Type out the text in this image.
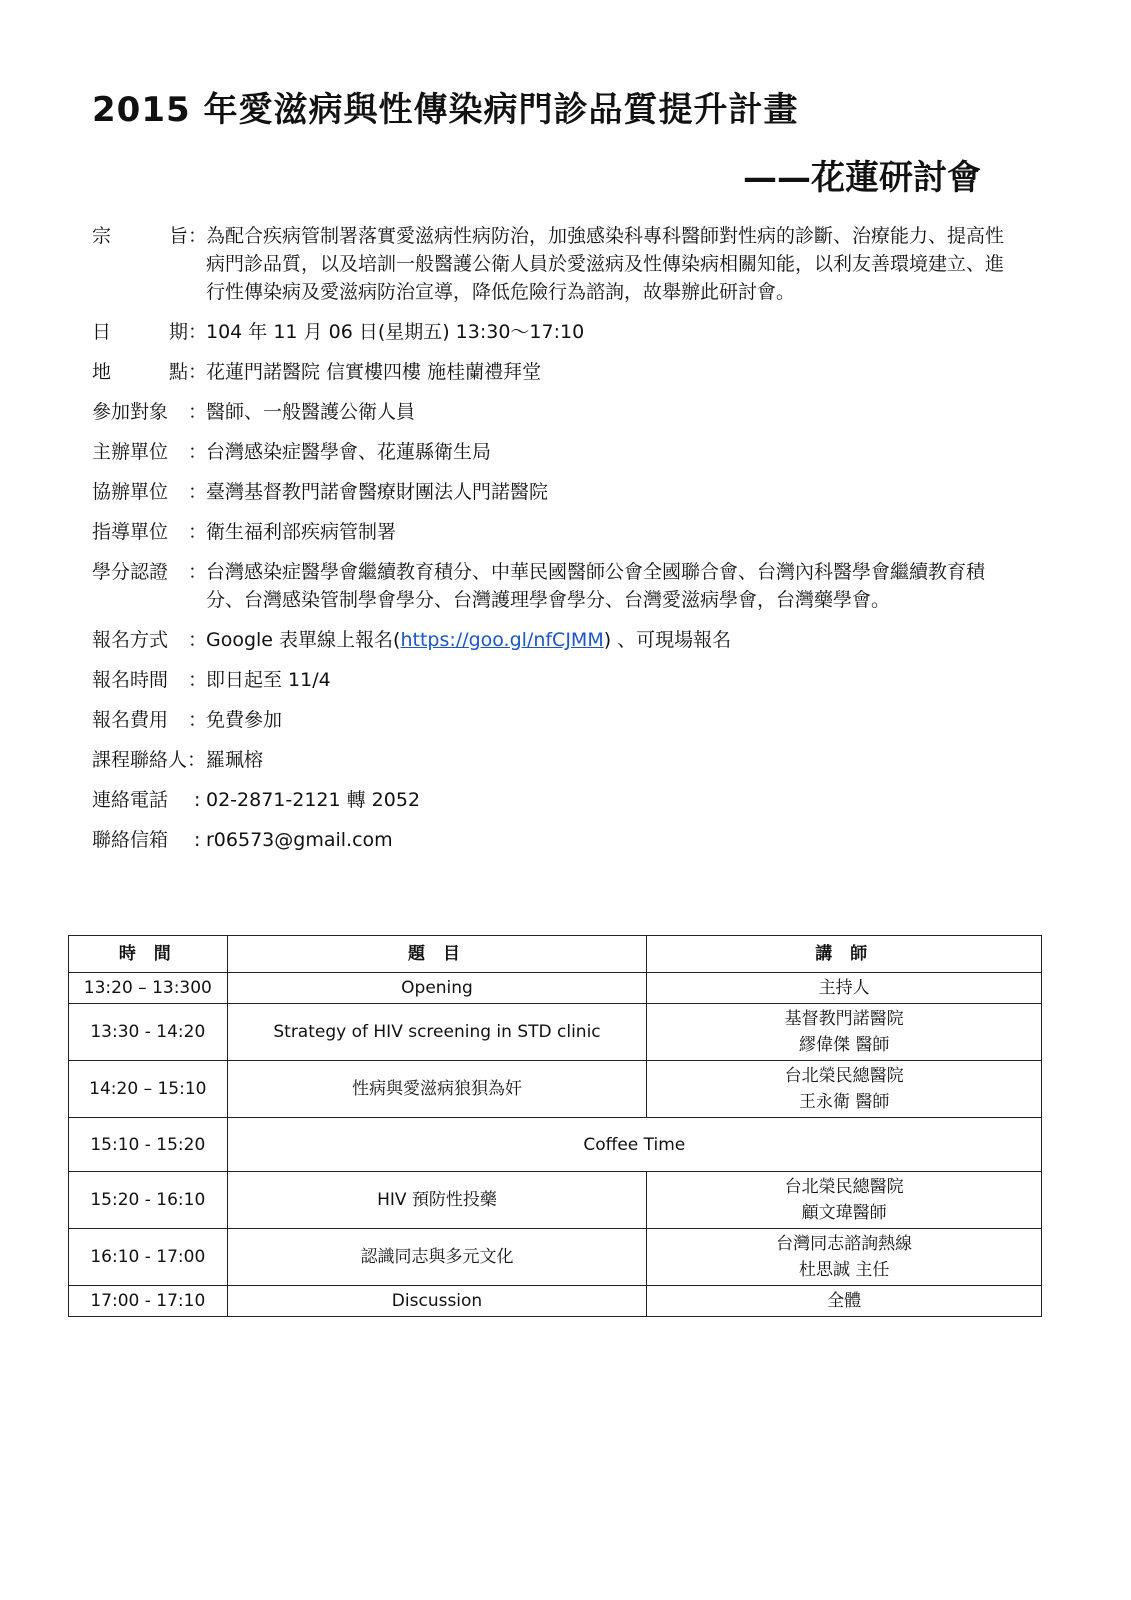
2015 年愛滋病與性傳染病門診品質提升計畫
——花蓮研討會
宗	旨 ：
為配合疾病管制署落實愛滋病性病防治，加強感染科專科醫師對性病的診斷、治療能力、提高性病門診品質，以及培訓一般醫護公衛人員於愛滋病及性傳染病相關知能，以利友善環境建立、進行性傳染病及愛滋病防治宣導，降低危險行為諮詢，故舉辦此研討會。
日	期 ：
104 年 11 月 06 日(星期五) 13:30～17:10
地	點 ：
花蓮門諾醫院 信實樓四樓 施桂蘭禮拜堂
參加對象	：
醫師、一般醫護公衛人員
主辦單位	：
台灣感染症醫學會、花蓮縣衛生局
協辦單位	：
臺灣基督教門諾會醫療財團法人門諾醫院
指導單位	：
衛生福利部疾病管制署
學分認證	：
台灣感染症醫學會繼續教育積分、中華民國醫師公會全國聯合會、台灣內科醫學會繼續教育積分、台灣感染管制學會學分、台灣護理學會學分、台灣愛滋病學會，台灣藥學會。
報名方式	：
Google 表單線上報名(https://goo.gl/nfCJMM) 、可現場報名
報名時間	：
即日起至 11/4
報名費用	：
免費參加
課程聯絡人 ： 羅珮榕
連絡電話	: 02-2871-2121 轉 2052
聯絡信箱	: r06573@gmail.com
時 間	題 目	講 師
13:20 – 13:300	Opening	主持人
13:30 - 14:20	Strategy of HIV screening in STD clinic	基督教門諾醫院
繆偉傑 醫師

14:20 – 15:10	性病與愛滋病狼狽為奸	台北榮民總醫院
王永衛 醫師

15:10 - 15:20	Coffee Time	
15:20 - 16:10	HIV 預防性投藥	台北榮民總醫院
顧文瑋醫師

16:10 - 17:00	認識同志與多元文化	台灣同志諮詢熱線
杜思誠 主任

17:00 - 17:10	Discussion	全體
